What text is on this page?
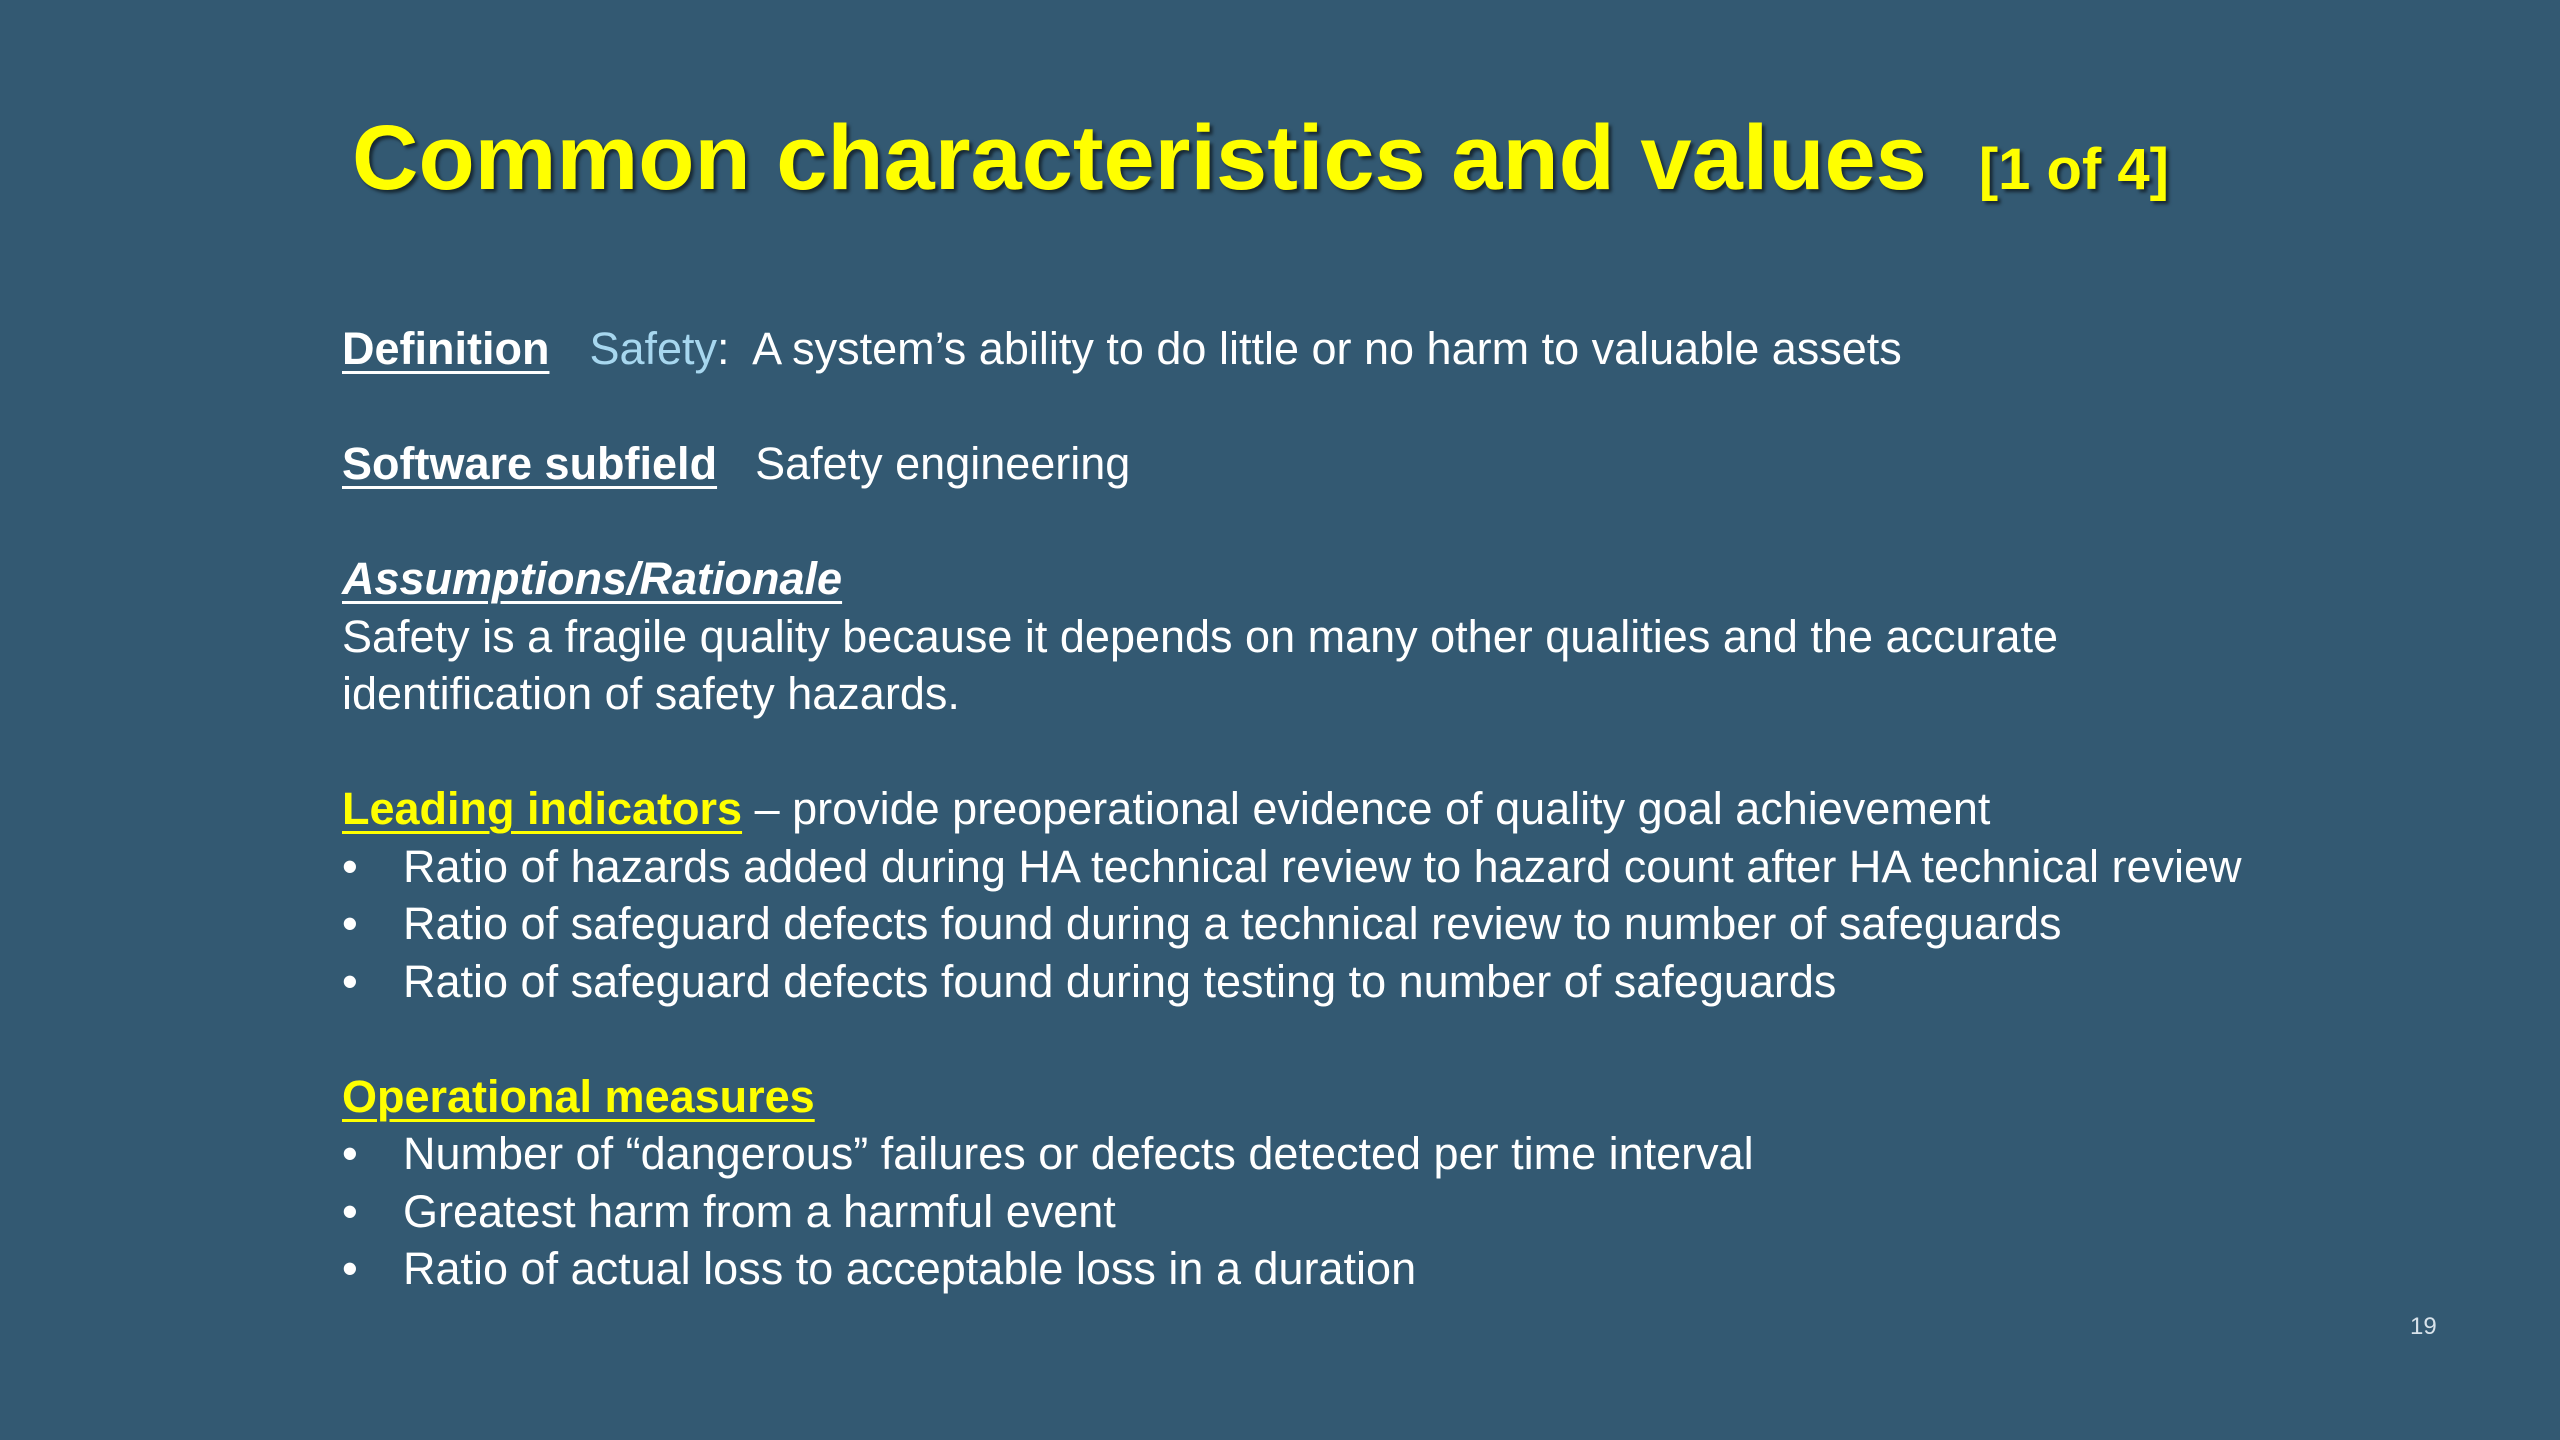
Common characteristics and values [1 of 4]
Definition Safety:  A system’s ability to do little or no harm to valuable assets
Software subfield Safety engineering
Assumptions/Rationale
Safety is a fragile quality because it depends on many other qualities and the accurate
identification of safety hazards.
Leading indicators – provide preoperational evidence of quality goal achievement
• Ratio of hazards added during HA technical review to hazard count after HA technical review
• Ratio of safeguard defects found during a technical review to number of safeguards
• Ratio of safeguard defects found during testing to number of safeguards
Operational measures
• Number of “dangerous” failures or defects detected per time interval
• Greatest harm from a harmful event
• Ratio of actual loss to acceptable loss in a duration
19
